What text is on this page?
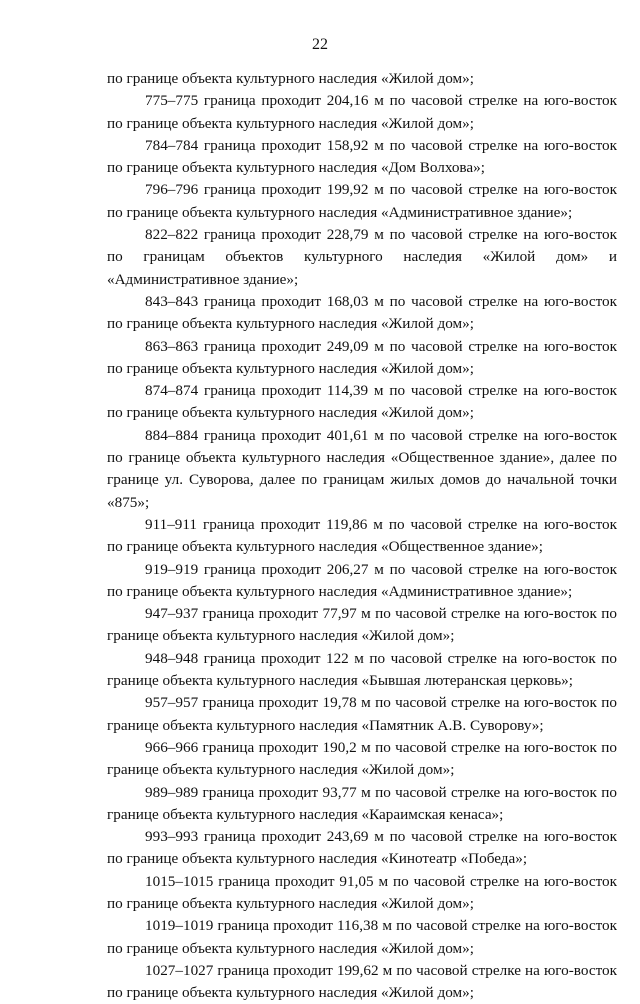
22

по границе объекта культурного наследия «Жилой дом»;

775–775 граница проходит 204,16 м по часовой стрелке на юго-восток по границе объекта культурного наследия «Жилой дом»;

784–784 граница проходит 158,92 м по часовой стрелке на юго-восток по границе объекта культурного наследия «Дом Волхова»;

796–796 граница проходит 199,92 м по часовой стрелке на юго-восток по границе объекта культурного наследия «Административное здание»;

822–822 граница проходит 228,79 м по часовой стрелке на юго-восток по границам объектов культурного наследия «Жилой дом» и «Административное здание»;

843–843 граница проходит 168,03 м по часовой стрелке на юго-восток по границе объекта культурного наследия «Жилой дом»;

863–863 граница проходит 249,09 м по часовой стрелке на юго-восток по границе объекта культурного наследия «Жилой дом»;

874–874 граница проходит 114,39 м по часовой стрелке на юго-восток по границе объекта культурного наследия «Жилой дом»;

884–884 граница проходит 401,61 м по часовой стрелке на юго-восток по границе объекта культурного наследия «Общественное здание», далее по границе ул. Суворова, далее по границам жилых домов до начальной точки «875»;

911–911 граница проходит 119,86 м по часовой стрелке на юго-восток по границе объекта культурного наследия «Общественное здание»;

919–919 граница проходит 206,27 м по часовой стрелке на юго-восток по границе объекта культурного наследия «Административное здание»;

947–937 граница проходит 77,97 м по часовой стрелке на юго-восток по границе объекта культурного наследия «Жилой дом»;

948–948 граница проходит 122 м по часовой стрелке на юго-восток по границе объекта культурного наследия «Бывшая лютеранская церковь»;

957–957 граница проходит 19,78 м по часовой стрелке на юго-восток по границе объекта культурного наследия «Памятник А.В. Суворову»;

966–966 граница проходит 190,2 м по часовой стрелке на юго-восток по границе объекта культурного наследия «Жилой дом»;

989–989 граница проходит 93,77 м по часовой стрелке на юго-восток по границе объекта культурного наследия «Караимская кенаса»;

993–993 граница проходит 243,69 м по часовой стрелке на юго-восток по границе объекта культурного наследия «Кинотеатр «Победа»;

1015–1015 граница проходит 91,05 м по часовой стрелке на юго-восток по границе объекта культурного наследия «Жилой дом»;

1019–1019 граница проходит 116,38 м по часовой стрелке на юго-восток по границе объекта культурного наследия «Жилой дом»;

1027–1027 граница проходит 199,62 м по часовой стрелке на юго-восток по границе объекта культурного наследия «Жилой дом»;
